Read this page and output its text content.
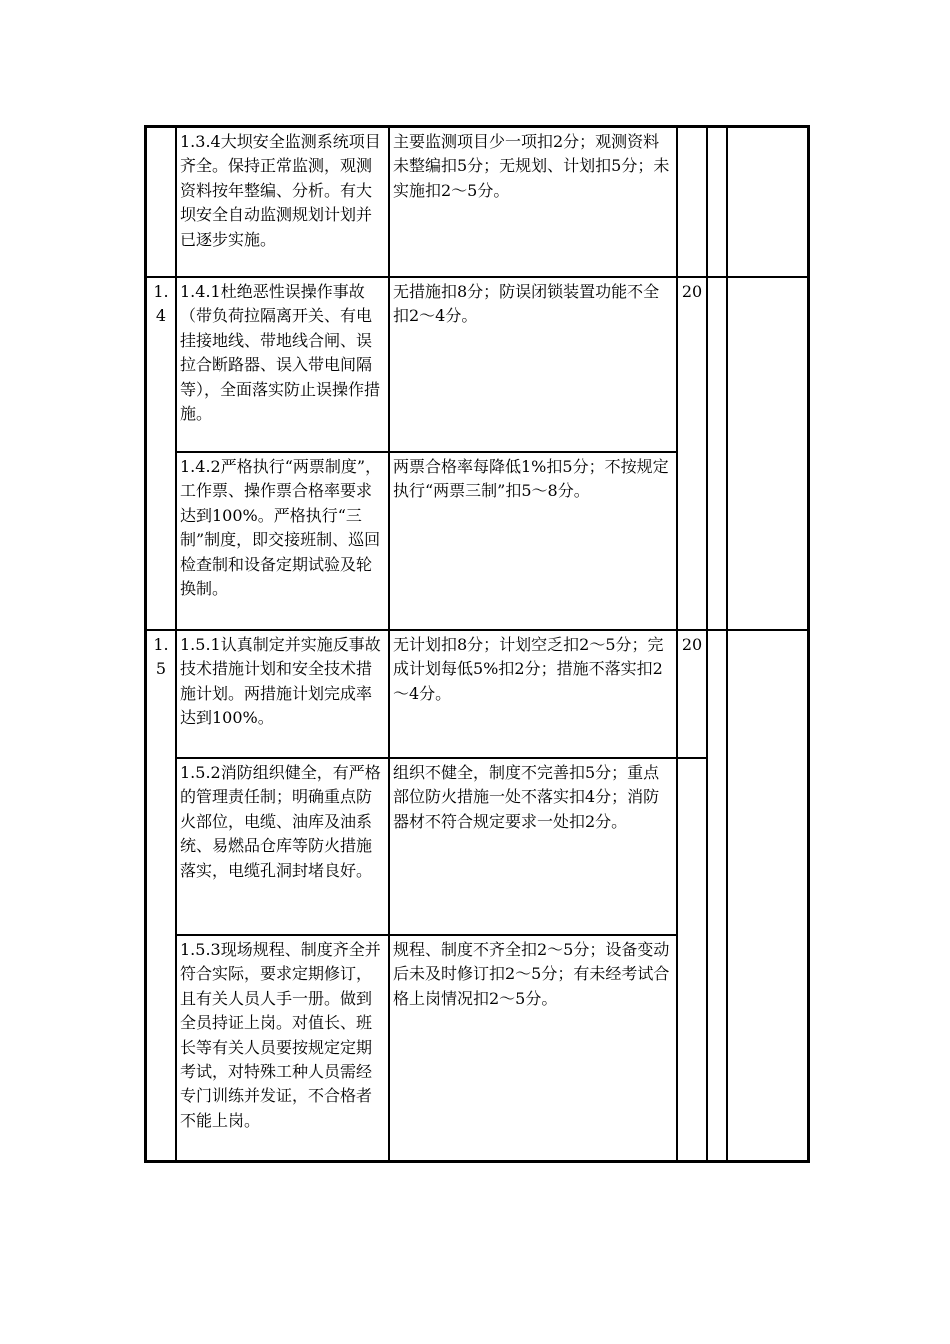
	1.3.4大坝安全监测系统项目齐全。保持正常监测，观测资料按年整编、分析。有大坝安全自动监测规划计划并已逐步实施。	主要监测项目少一项扣2分；观测资料未整编扣5分；无规划、计划扣5分；未实施扣2～5分。			
1.4	1.4.1杜绝恶性误操作事故（带负荷拉隔离开关、有电挂接地线、带地线合闸、误拉合断路器、误入带电间隔等），全面落实防止误操作措施。	无措施扣8分；防误闭锁装置功能不全扣2～4分。	20		
	1.4.2严格执行“两票制度”，工作票、操作票合格率要求达到100%。严格执行“三制”制度，即交接班制、巡回检查制和设备定期试验及轮换制。	两票合格率每降低1%扣5分；不按规定执行“两票三制”扣5～8分。			
1.5	1.5.1认真制定并实施反事故技术措施计划和安全技术措施计划。两措施计划完成率达到100%。	无计划扣8分；计划空乏扣2～5分；完成计划每低5%扣2分；措施不落实扣2～4分。	20		
	1.5.2消防组织健全，有严格的管理责任制；明确重点防火部位，电缆、油库及油系统、易燃品仓库等防火措施落实，电缆孔洞封堵良好。	组织不健全，制度不完善扣5分；重点部位防火措施一处不落实扣4分；消防器材不符合规定要求一处扣2分。			
	1.5.3现场规程、制度齐全并符合实际，要求定期修订，且有关人员人手一册。做到全员持证上岗。对值长、班长等有关人员要按规定定期考试，对特殊工种人员需经专门训练并发证，不合格者不能上岗。	规程、制度不齐全扣2～5分；设备变动后未及时修订扣2～5分；有未经考试合格上岗情况扣2～5分。			
